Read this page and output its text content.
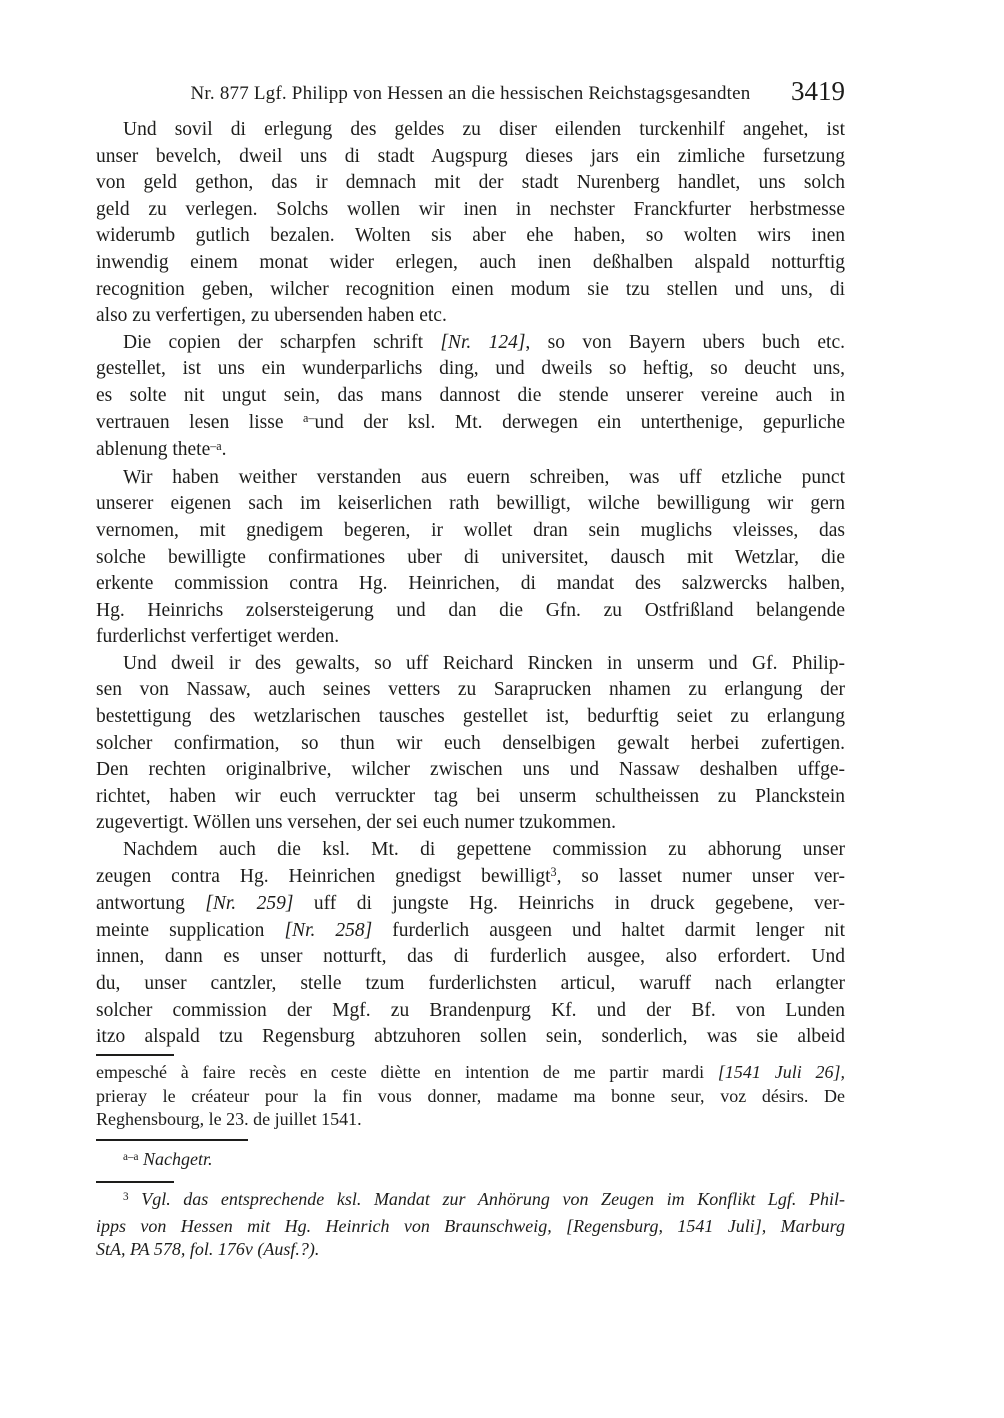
Nr. 877 Lgf. Philipp von Hessen an die hessischen Reichstagsgesandten	3419
Und sovil di erlegung des geldes zu diser eilenden turckenhilf angehet, ist
unser bevelch, dweil uns di stadt Augspurg dieses jars ein zimliche fursetzung
von geld gethon, das ir demnach mit der stadt Nurenberg handlet, uns solch
geld zu verlegen. Solchs wollen wir inen in nechster Franckfurter herbstmesse
widerumb gutlich bezalen. Wolten sis aber ehe haben, so wolten wirs inen
inwendig einem monat wider erlegen, auch inen deßhalben alspald notturftig
recognition geben, wilcher recognition einen modum sie tzu stellen und uns, di
also zu verfertigen, zu ubersenden haben etc.
Die copien der scharpfen schrift [Nr. 124], so von Bayern ubers buch etc.
gestellet, ist uns ein wunderparlichs ding, und dweils so heftig, so deucht uns,
es solte nit ungut sein, das mans dannost die stende unserer vereine auch in
vertrauen lesen lisse $^{a-}$und der ksl. Mt. derwegen ein unterthenige, gepurliche
ablenung thete$^{-a}$.
Wir haben weither verstanden aus euern schreiben, was uff etzliche punct
unserer eigenen sach im keiserlichen rath bewilligt, wilche bewilligung wir gern
vernomen, mit gnedigem begeren, ir wollet dran sein muglichs vleisses, das
solche bewilligte confirmationes uber di universitet, dausch mit Wetzlar, die
erkente commission contra Hg. Heinrichen, di mandat des salzwercks halben,
Hg. Heinrichs zolsersteigerung und dan die Gfn. zu Ostfrißland belangende
furderlichst verfertiget werden.
Und dweil ir des gewalts, so uff Reichard Rincken in unserm und Gf. Philip-
sen von Nassaw, auch seines vetters zu Saraprucken nhamen zu erlangung der
bestettigung des wetzlarischen tausches gestellet ist, bedurftig seiet zu erlangung
solcher confirmation, so thun wir euch denselbigen gewalt herbei zufertigen.
Den rechten originalbrive, wilcher zwischen uns und Nassaw deshalben uffge-
richtet, haben wir euch verruckter tag bei unserm schultheissen zu Planckstein
zugevertigt. Wöllen uns versehen, der sei euch numer tzukommen.
Nachdem auch die ksl. Mt. di gepettene commission zu abhorung unser
zeugen contra Hg. Heinrichen gnedigst bewilligt$^3$, so lasset numer unser ver-
antwortung [Nr. 259] uff di jungste Hg. Heinrichs in druck gegebene, ver-
meinte supplication [Nr. 258] furderlich ausgeen und haltet darmit lenger nit
innen, dann es unser notturft, das di furderlich ausgee, also erfordert. Und
du, unser cantzler, stelle tzum furderlichsten articul, waruff nach erlangter
solcher commission der Mgf. zu Brandenpurg Kf. und der Bf. von Lunden
itzo alspald tzu Regensburg abtzuhoren sollen sein, sonderlich, was sie albeid
empesché à faire recès en ceste diètte en intention de me partir mardi [1541 Juli 26],
prieray le créateur pour la fin vous donner, madame ma bonne seur, voz désirs. De
Reghensbourg, le 23. de juillet 1541.
$^{a-a}$ Nachgetr.
$^3$ Vgl. das entsprechende ksl. Mandat zur Anhörung von Zeugen im Konflikt Lgf. Phil-
ipps von Hessen mit Hg. Heinrich von Braunschweig, [Regensburg, 1541 Juli], Marburg
StA, PA 578, fol. 176v (Ausf.?).
